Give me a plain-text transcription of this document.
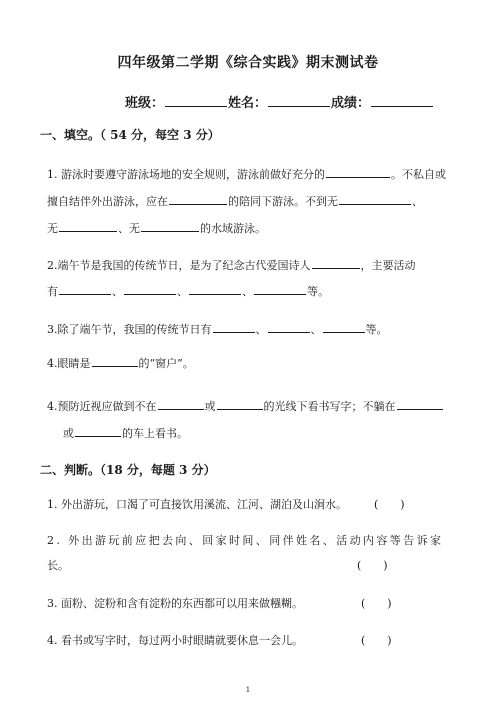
四年级第二学期《综合实践》期末测试卷
班级：	姓名：	成绩：
一、填空。（ 54 分，每空 3 分）
1. 游泳时要遵守游泳场地的安全规则，游泳前做好充分的	。不私自或
擅自结伴外出游泳，应在	的陪同下游泳。不到无	、
无	、无	的水域游泳。
2.端午节是我国的传统节日，是为了纪念古代爱国诗人	，主要活动
有	、	、	、	等。
3.除了端午节，我国的传统节日有	、	、	等。
4.眼睛是	的“窗户”。
4.预防近视应做到不在	或	的光线下看书写字；不躺在
或	的车上看书。
二、判断。（18 分，每题 3 分）
1. 外出游玩，口渴了可直接饮用溪流、江河、湖泊及山涧水。 (　　)
2. 外出游玩前应把去向、回家时间、同伴姓名、活动内容等告诉家
长。	(　　)
3. 面粉、淀粉和含有淀粉的东西都可以用来做糨糊。	(　　)
4. 看书或写字时，每过两小时眼睛就要休息一会儿。	(　　)
1
